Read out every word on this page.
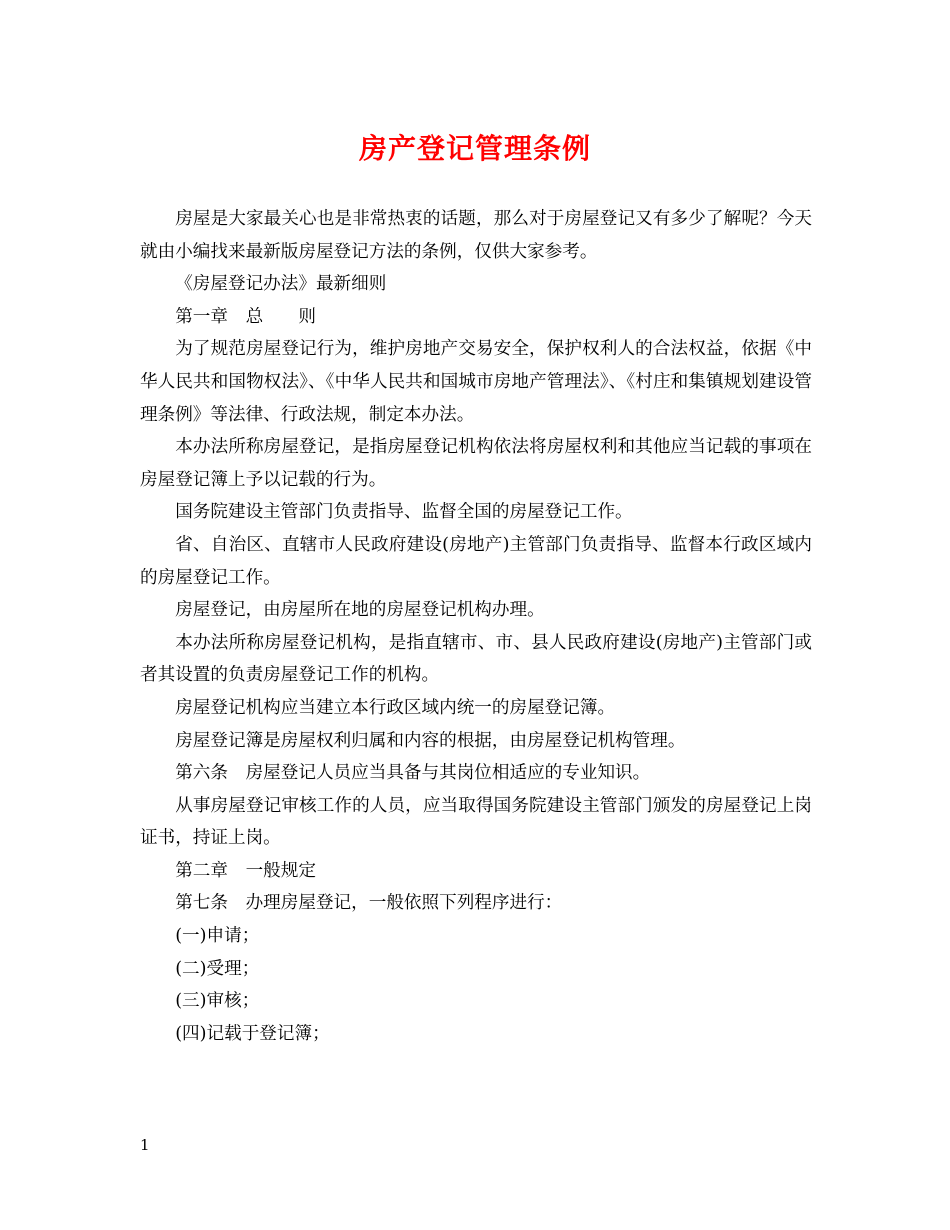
房产登记管理条例

房屋是大家最关心也是非常热衷的话题，那么对于房屋登记又有多少了解呢？今天就由小编找来最新版房屋登记方法的条例，仅供大家参考。

《房屋登记办法》最新细则

第一章　总　　则

为了规范房屋登记行为，维护房地产交易安全，保护权利人的合法权益，依据《中华人民共和国物权法》、《中华人民共和国城市房地产管理法》、《村庄和集镇规划建设管理条例》等法律、行政法规，制定本办法。

本办法所称房屋登记，是指房屋登记机构依法将房屋权利和其他应当记载的事项在房屋登记簿上予以记载的行为。

国务院建设主管部门负责指导、监督全国的房屋登记工作。

省、自治区、直辖市人民政府建设(房地产)主管部门负责指导、监督本行政区域内的房屋登记工作。

房屋登记，由房屋所在地的房屋登记机构办理。

本办法所称房屋登记机构，是指直辖市、市、县人民政府建设(房地产)主管部门或者其设置的负责房屋登记工作的机构。

房屋登记机构应当建立本行政区域内统一的房屋登记簿。

房屋登记簿是房屋权利归属和内容的根据，由房屋登记机构管理。

第六条　房屋登记人员应当具备与其岗位相适应的专业知识。

从事房屋登记审核工作的人员，应当取得国务院建设主管部门颁发的房屋登记上岗证书，持证上岗。

第二章　一般规定

第七条　办理房屋登记，一般依照下列程序进行：

(一)申请；

(二)受理；

(三)审核；

(四)记载于登记簿；

1
